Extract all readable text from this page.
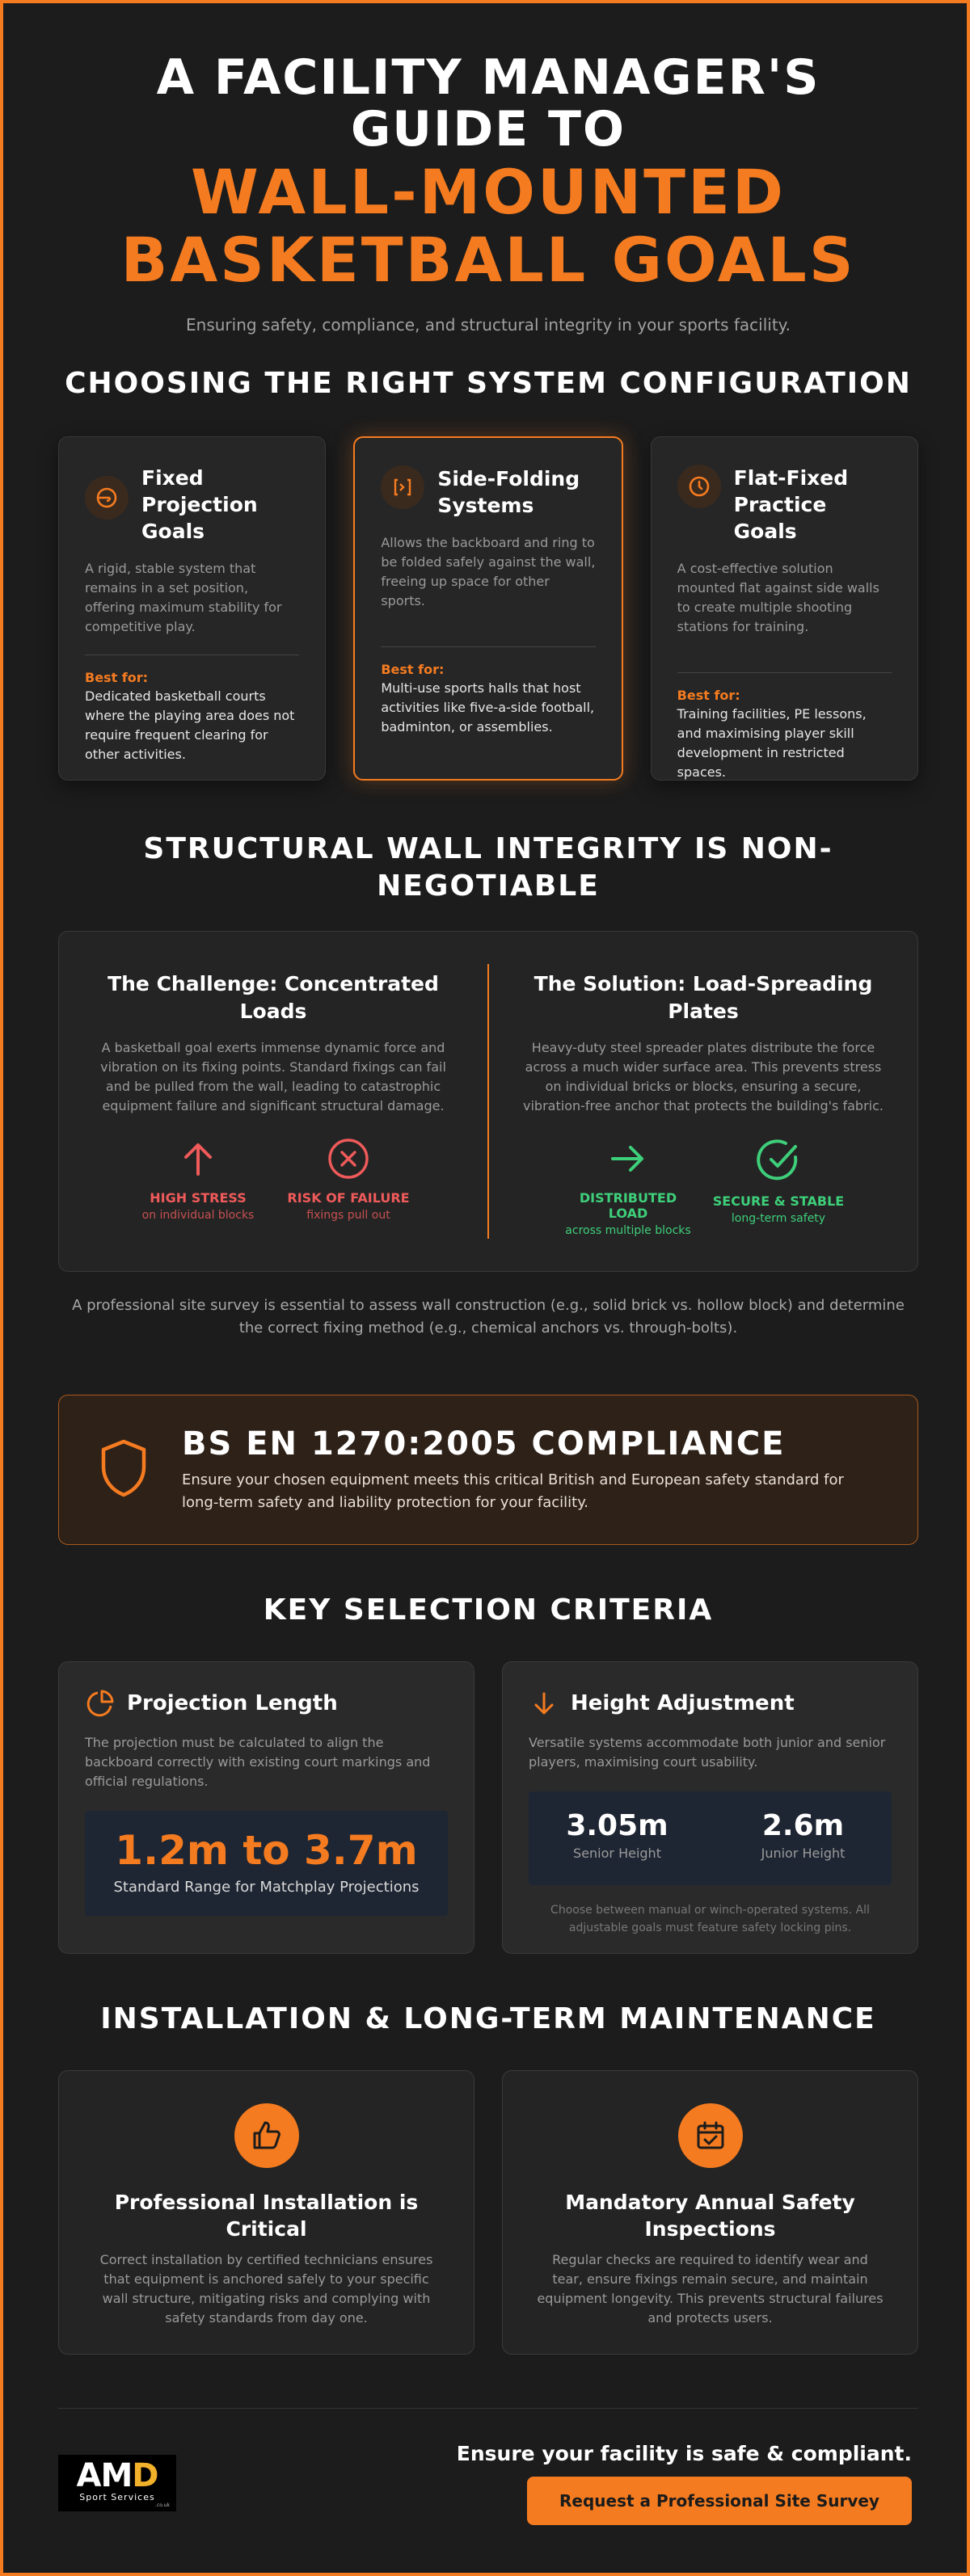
A FACILITY MANAGER'S
GUIDE TO
WALL-MOUNTED
BASKETBALL GOALS
Ensuring safety, compliance, and structural integrity in your sports facility.
CHOOSING THE RIGHT SYSTEM CONFIGURATION
Fixed Projection Goals
A rigid, stable system that remains in a set position, offering maximum stability for competitive play.
Best for:
Dedicated basketball courts where the playing area does not require frequent clearing for other activities.
Side-Folding Systems
Allows the backboard and ring to be folded safely against the wall, freeing up space for other sports.
Best for:
Multi-use sports halls that host activities like five-a-side football, badminton, or assemblies.
Flat-Fixed Practice Goals
A cost-effective solution mounted flat against side walls to create multiple shooting stations for training.
Best for:
Training facilities, PE lessons, and maximising player skill development in restricted spaces.
STRUCTURAL WALL INTEGRITY IS NON-
NEGOTIABLE
The Challenge: Concentrated Loads
A basketball goal exerts immense dynamic force and vibration on its fixing points. Standard fixings can fail and be pulled from the wall, leading to catastrophic equipment failure and significant structural damage.
HIGH STRESS
on individual blocks
RISK OF FAILURE
fixings pull out
The Solution: Load-Spreading Plates
Heavy-duty steel spreader plates distribute the force across a much wider surface area. This prevents stress on individual bricks or blocks, ensuring a secure, vibration-free anchor that protects the building's fabric.
DISTRIBUTED LOAD
across multiple blocks
SECURE & STABLE
long-term safety
A professional site survey is essential to assess wall construction (e.g., solid brick vs. hollow block) and determine the correct fixing method (e.g., chemical anchors vs. through-bolts).
BS EN 1270:2005 COMPLIANCE
Ensure your chosen equipment meets this critical British and European safety standard for long-term safety and liability protection for your facility.
KEY SELECTION CRITERIA
Projection Length
The projection must be calculated to align the backboard correctly with existing court markings and official regulations.
1.2m to 3.7m
Standard Range for Matchplay Projections
Height Adjustment
Versatile systems accommodate both junior and senior players, maximising court usability.
3.05m
Senior Height
2.6m
Junior Height
Choose between manual or winch-operated systems. All adjustable goals must feature safety locking pins.
INSTALLATION & LONG-TERM MAINTENANCE
Professional Installation is Critical
Correct installation by certified technicians ensures that equipment is anchored safely to your specific wall structure, mitigating risks and complying with safety standards from day one.
Mandatory Annual Safety Inspections
Regular checks are required to identify wear and tear, ensure fixings remain secure, and maintain equipment longevity. This prevents structural failures and protects users.
AMD
Sport Services
.co.uk
Ensure your facility is safe & compliant.
Request a Professional Site Survey
